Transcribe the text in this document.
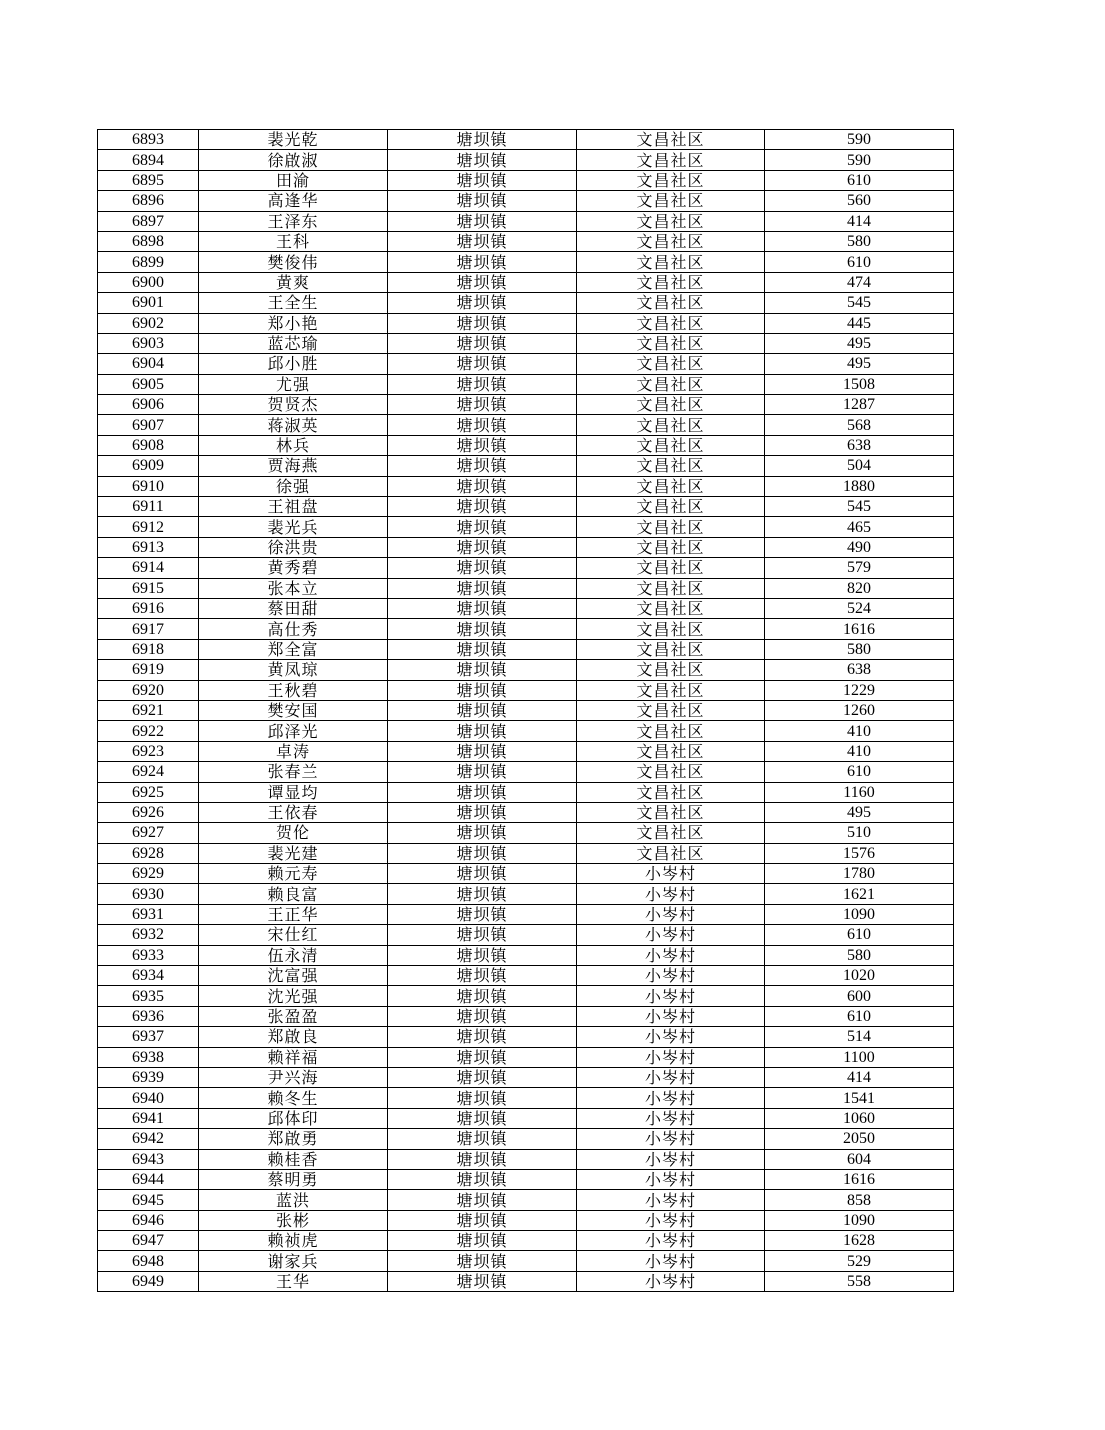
6893	裴光乾	塘坝镇	文昌社区	590
6894	徐啟淑	塘坝镇	文昌社区	590
6895	田渝	塘坝镇	文昌社区	610
6896	高逢华	塘坝镇	文昌社区	560
6897	王泽东	塘坝镇	文昌社区	414
6898	王科	塘坝镇	文昌社区	580
6899	樊俊伟	塘坝镇	文昌社区	610
6900	黄爽	塘坝镇	文昌社区	474
6901	王全生	塘坝镇	文昌社区	545
6902	郑小艳	塘坝镇	文昌社区	445
6903	蓝芯瑜	塘坝镇	文昌社区	495
6904	邱小胜	塘坝镇	文昌社区	495
6905	尤强	塘坝镇	文昌社区	1508
6906	贺贤杰	塘坝镇	文昌社区	1287
6907	蒋淑英	塘坝镇	文昌社区	568
6908	林兵	塘坝镇	文昌社区	638
6909	贾海燕	塘坝镇	文昌社区	504
6910	徐强	塘坝镇	文昌社区	1880
6911	王祖盘	塘坝镇	文昌社区	545
6912	裴光兵	塘坝镇	文昌社区	465
6913	徐洪贵	塘坝镇	文昌社区	490
6914	黄秀碧	塘坝镇	文昌社区	579
6915	张本立	塘坝镇	文昌社区	820
6916	蔡田甜	塘坝镇	文昌社区	524
6917	高仕秀	塘坝镇	文昌社区	1616
6918	郑全富	塘坝镇	文昌社区	580
6919	黄凤琼	塘坝镇	文昌社区	638
6920	王秋碧	塘坝镇	文昌社区	1229
6921	樊安国	塘坝镇	文昌社区	1260
6922	邱泽光	塘坝镇	文昌社区	410
6923	卓涛	塘坝镇	文昌社区	410
6924	张春兰	塘坝镇	文昌社区	610
6925	谭显均	塘坝镇	文昌社区	1160
6926	王依春	塘坝镇	文昌社区	495
6927	贺伦	塘坝镇	文昌社区	510
6928	裴光建	塘坝镇	文昌社区	1576
6929	赖元寿	塘坝镇	小岑村	1780
6930	赖良富	塘坝镇	小岑村	1621
6931	王正华	塘坝镇	小岑村	1090
6932	宋仕红	塘坝镇	小岑村	610
6933	伍永清	塘坝镇	小岑村	580
6934	沈富强	塘坝镇	小岑村	1020
6935	沈光强	塘坝镇	小岑村	600
6936	张盈盈	塘坝镇	小岑村	610
6937	郑啟良	塘坝镇	小岑村	514
6938	赖祥福	塘坝镇	小岑村	1100
6939	尹兴海	塘坝镇	小岑村	414
6940	赖冬生	塘坝镇	小岑村	1541
6941	邱体印	塘坝镇	小岑村	1060
6942	郑啟勇	塘坝镇	小岑村	2050
6943	赖桂香	塘坝镇	小岑村	604
6944	蔡明勇	塘坝镇	小岑村	1616
6945	蓝洪	塘坝镇	小岑村	858
6946	张彬	塘坝镇	小岑村	1090
6947	赖祯虎	塘坝镇	小岑村	1628
6948	谢家兵	塘坝镇	小岑村	529
6949	王华	塘坝镇	小岑村	558
